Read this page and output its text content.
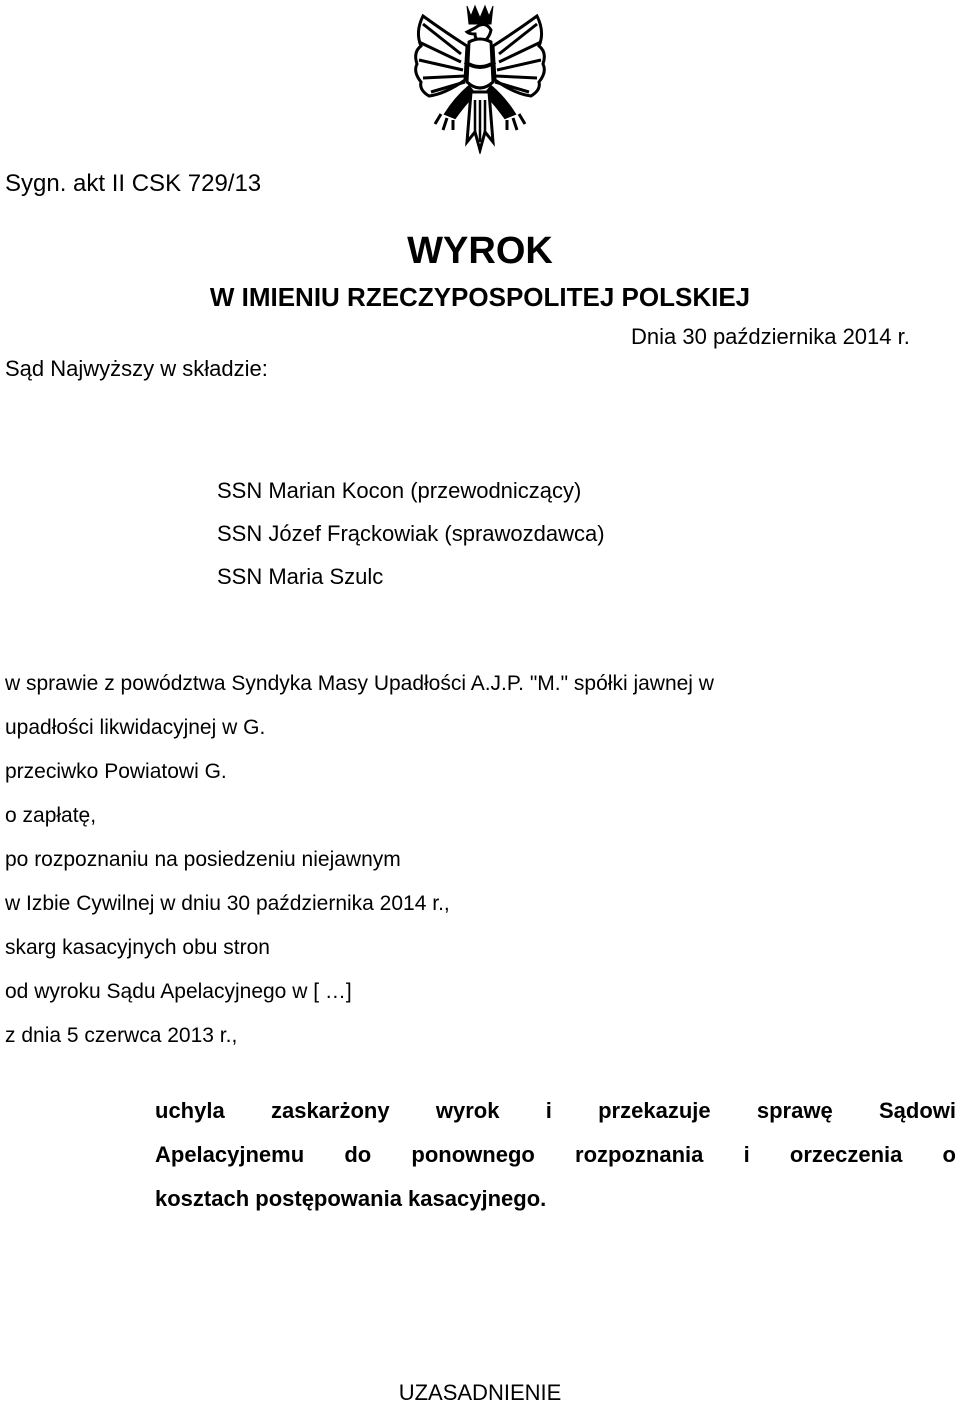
Sygn. akt II CSK 729/13
WYROK
W IMIENIU RZECZYPOSPOLITEJ POLSKIEJ
Dnia 30 października 2014 r.
Sąd Najwyższy w składzie:
SSN Marian Kocon (przewodniczący)
SSN Józef Frąckowiak (sprawozdawca)
SSN Maria Szulc
w sprawie z powództwa Syndyka Masy Upadłości A.J.P. "M." spółki jawnej w
upadłości likwidacyjnej w G.
przeciwko Powiatowi G.
o zapłatę,
po rozpoznaniu na posiedzeniu niejawnym
w Izbie Cywilnej w dniu 30 października 2014 r.,
skarg kasacyjnych obu stron
od wyroku Sądu Apelacyjnego w [ …]
z dnia 5 czerwca 2013 r.,
uchyla zaskarżony wyrok i przekazuje sprawę Sądowi
Apelacyjnemu do ponownego rozpoznania i orzeczenia o
kosztach postępowania kasacyjnego.
UZASADNIENIE
